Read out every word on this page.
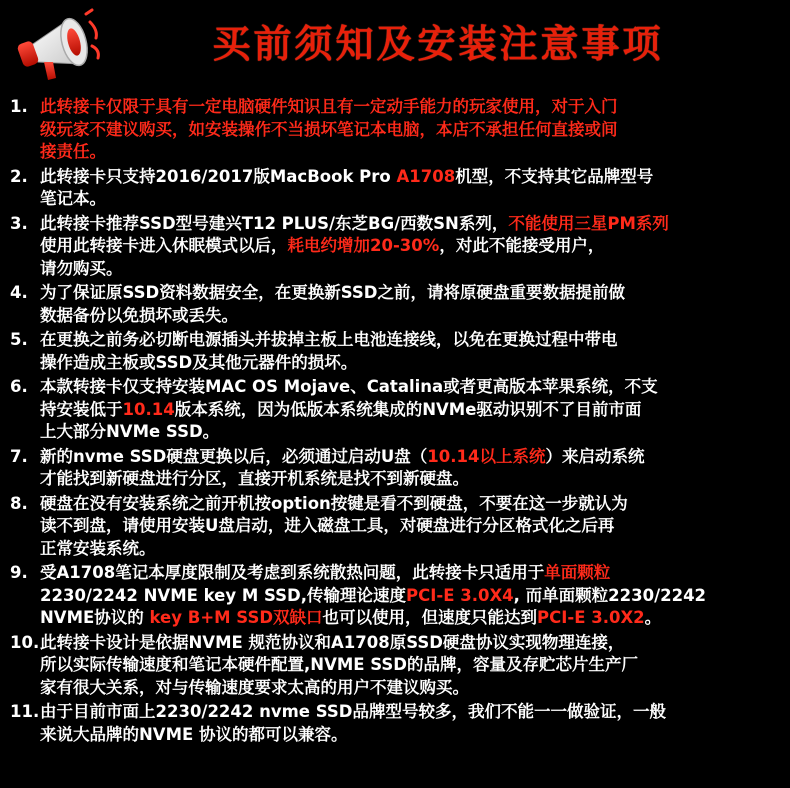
买前须知及安装注意事项
1. 此转接卡仅限于具有一定电脑硬件知识且有一定动手能力的玩家使用，对于入门
级玩家不建议购买，如安装操作不当损坏笔记本电脑，本店不承担任何直接或间
接责任。
2. 此转接卡只支持2016/2017版MacBook Pro A1708机型，不支持其它品牌型号
笔记本。
3. 此转接卡推荐SSD型号建兴T12 PLUS/东芝BG/西数SN系列，不能使用三星PM系列
使用此转接卡进入休眠模式以后，耗电约增加20-30%，对此不能接受用户，
请勿购买。
4. 为了保证原SSD资料数据安全，在更换新SSD之前，请将原硬盘重要数据提前做
数据备份以免损坏或丢失。
5. 在更换之前务必切断电源插头并拔掉主板上电池连接线，以免在更换过程中带电
操作造成主板或SSD及其他元器件的损坏。
6. 本款转接卡仅支持安装MAC OS Mojave、Catalina或者更高版本苹果系统，不支
持安装低于10.14版本系统，因为低版本系统集成的NVMe驱动识别不了目前市面
上大部分NVMe SSD。
7. 新的nvme SSD硬盘更换以后，必须通过启动U盘（10.14以上系统）来启动系统
才能找到新硬盘进行分区，直接开机系统是找不到新硬盘。
8. 硬盘在没有安装系统之前开机按option按键是看不到硬盘，不要在这一步就认为
读不到盘，请使用安装U盘启动，进入磁盘工具，对硬盘进行分区格式化之后再
正常安装系统。
9. 受A1708笔记本厚度限制及考虑到系统散热问题，此转接卡只适用于单面颗粒
2230/2242 NVME key M SSD,传输理论速度PCI-E 3.0X4, 而单面颗粒2230/2242
NVME协议的 key B+M SSD双缺口也可以使用，但速度只能达到PCI-E 3.0X2。
10. 此转接卡设计是依据NVME 规范协议和A1708原SSD硬盘协议实现物理连接，
所以实际传输速度和笔记本硬件配置,NVME SSD的品牌，容量及存贮芯片生产厂
家有很大关系，对与传输速度要求太高的用户不建议购买。
11. 由于目前市面上2230/2242 nvme SSD品牌型号较多，我们不能一一做验证，一般
来说大品牌的NVME 协议的都可以兼容。
